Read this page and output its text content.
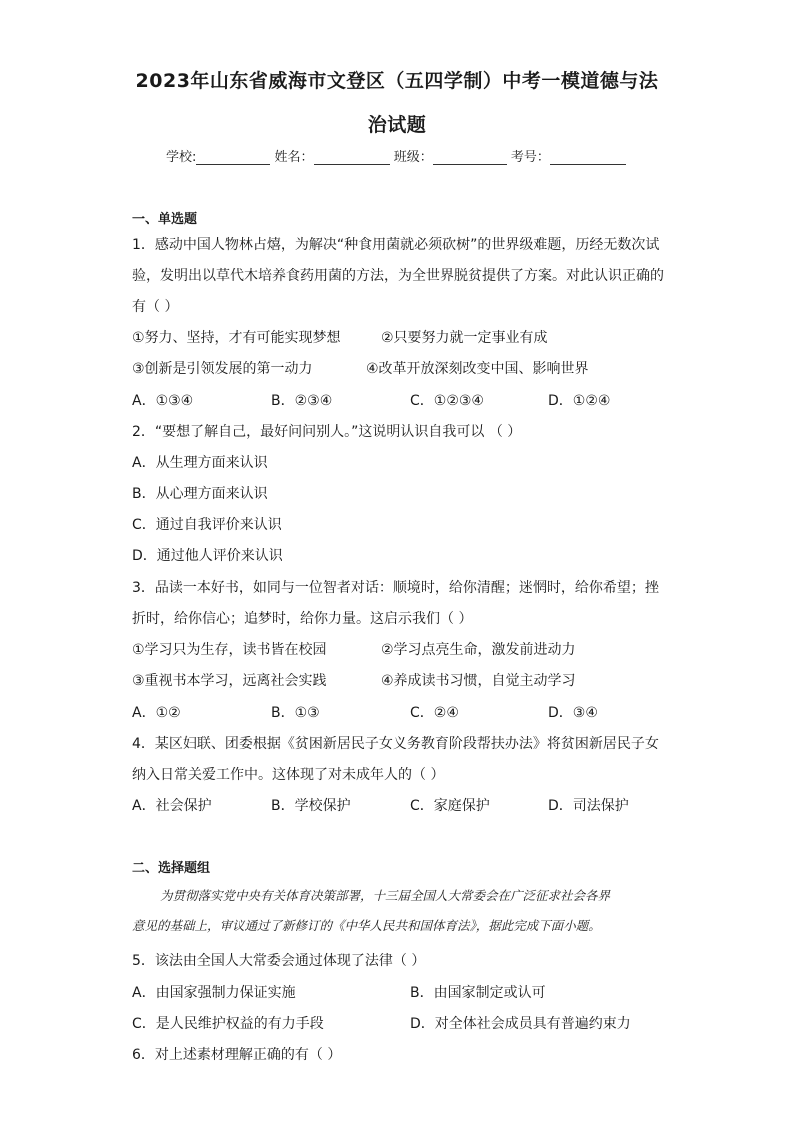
2023年山东省威海市文登区（五四学制）中考一模道德与法
治试题
学校:	姓名：	班级：	考号：
一、单选题
1．感动中国人物林占熺，为解决“种食用菌就必须砍树”的世界级难题，历经无数次试
验，发明出以草代木培养食药用菌的方法，为全世界脱贫提供了方案。对此认识正确的
有（ ）
①努力、坚持，才有可能实现梦想	②只要努力就一定事业有成
③创新是引领发展的第一动力	④改革开放深刻改变中国、影响世界
A．①③④	B．②③④	C．①②③④	D．①②④
2．“要想了解自己，最好问问别人。”这说明认识自我可以 （ ）
A．从生理方面来认识
B．从心理方面来认识
C．通过自我评价来认识
D．通过他人评价来认识
3．品读一本好书，如同与一位智者对话：顺境时，给你清醒；迷惘时，给你希望；挫
折时，给你信心；追梦时，给你力量。这启示我们（ ）
①学习只为生存，读书皆在校园	②学习点亮生命，激发前进动力
③重视书本学习，远离社会实践	④养成读书习惯，自觉主动学习
A．①②	B．①③	C．②④	D．③④
4．某区妇联、团委根据《贫困新居民子女义务教育阶段帮扶办法》将贫困新居民子女
纳入日常关爱工作中。这体现了对未成年人的（ ）
A．社会保护	B．学校保护	C．家庭保护	D．司法保护
二、选择题组
为贯彻落实党中央有关体育决策部署，十三届全国人大常委会在广泛征求社会各界
意见的基础上，审议通过了新修订的《中华人民共和国体育法》，据此完成下面小题。
5．该法由全国人大常委会通过体现了法律（ ）
A．由国家强制力保证实施	B．由国家制定或认可
C．是人民维护权益的有力手段	D．对全体社会成员具有普遍约束力
6．对上述素材理解正确的有（ ）
